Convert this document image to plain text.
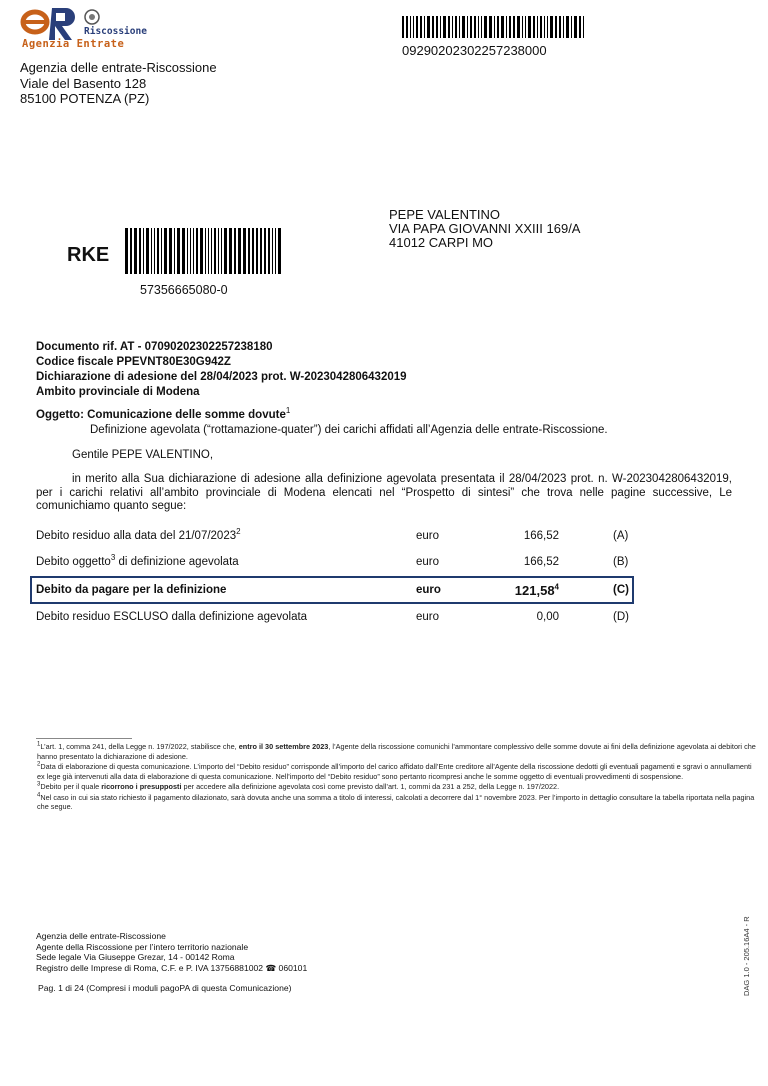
Riscossione
Agenzia Entrate	09290202302257238000
Agenzia delle entrate-Riscossione
Viale del Basento 128
85100 POTENZA (PZ)
PEPE VALENTINO
VIA PAPA GIOVANNI XXIII 169/A
41012 CARPI MO
RKE
57356665080-0
Documento rif. AT - 07090202302257238180
Codice fiscale PPEVNT80E30G942Z
Dichiarazione di adesione del 28/04/2023 prot. W-2023042806432019
Ambito provinciale di Modena
Oggetto: Comunicazione delle somme dovute$^1$
Definizione agevolata (“rottamazione-quater”) dei carichi affidati all’Agenzia delle entrate-Riscossione.
Gentile PEPE VALENTINO,
in merito alla Sua dichiarazione di adesione alla definizione agevolata presentata il 28/04/2023 prot. n. W-2023042806432019, per i carichi relativi all’ambito provinciale di Modena elencati nel “Prospetto di sintesi” che trova nelle pagine successive, Le comunichiamo quanto segue:
Debito residuo alla data del 21/07/2023$^2$	euro	166,52	(A)
Debito oggetto$^3$ di definizione agevolata	euro	166,52	(B)
Debito da pagare per la definizione	euro	121,58$^4$	(C)
Debito residuo ESCLUSO dalla definizione agevolata	euro	0,00	(D)
$^1$L’art. 1, comma 241, della Legge n. 197/2022, stabilisce che, entro il 30 settembre 2023, l’Agente della riscossione comunichi l’ammontare complessivo delle somme dovute ai fini della definizione agevolata ai debitori che hanno presentato la dichiarazione di adesione.
$^2$Data di elaborazione di questa comunicazione. L’importo del “Debito residuo” corrisponde all’importo del carico affidato dall’Ente creditore all’Agente della riscossione dedotti gli eventuali pagamenti e sgravi o annullamenti ex lege già intervenuti alla data di elaborazione di questa comunicazione. Nell’importo del “Debito residuo” sono pertanto ricompresi anche le somme oggetto di eventuali provvedimenti di sospensione.
$^3$Debito per il quale ricorrono i presupposti per accedere alla definizione agevolata così come previsto dall’art. 1, commi da 231 a 252, della Legge n. 197/2022.
$^4$Nel caso in cui sia stato richiesto il pagamento dilazionato, sarà dovuta anche una somma a titolo di interessi, calcolati a decorrere dal 1° novembre 2023. Per l’importo in dettaglio consultare la tabella riportata nella pagina che segue.
Agenzia delle entrate-Riscossione
Agente della Riscossione per l’intero territorio nazionale
Sede legale Via Giuseppe Grezar, 14 - 00142 Roma
Registro delle Imprese di Roma, C.F. e P. IVA 13756881002 ☎ 060101
Pag. 1 di 24 (Compresi i moduli pagoPA di questa Comunicazione)	DAG 1.0 - 205.16A4 - R
